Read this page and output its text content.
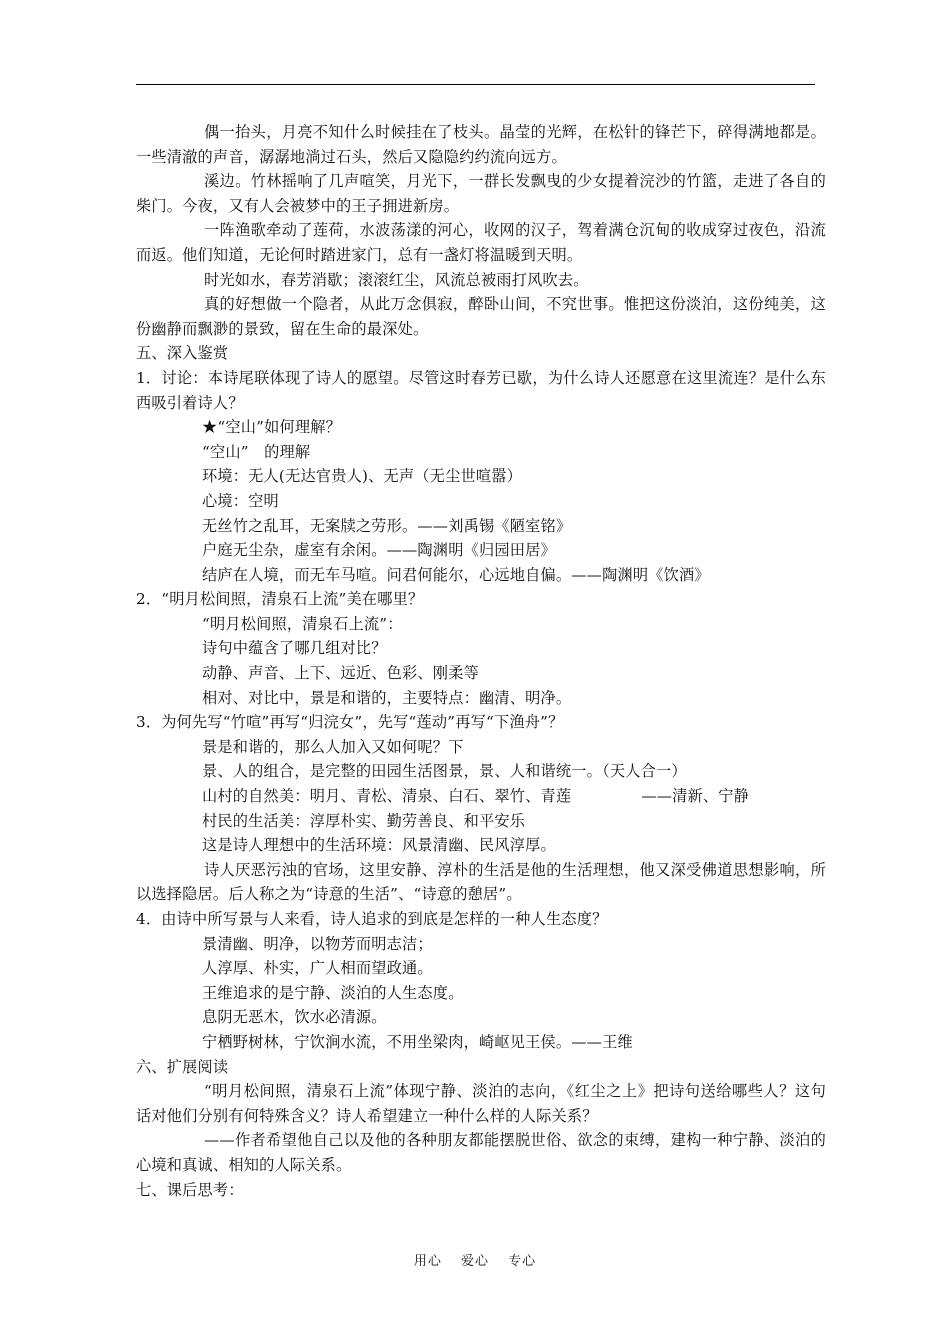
偶一抬头，月亮不知什么时候挂在了枝头。晶莹的光辉，在松针的锋芒下，碎得满地都是。一些清澈的声音，潺潺地淌过石头，然后又隐隐约约流向远方。

溪边。竹林摇响了几声喧笑，月光下，一群长发飘曳的少女提着浣沙的竹篮，走进了各自的柴门。今夜，又有人会被梦中的王子拥进新房。

一阵渔歌牵动了莲荷，水波荡漾的河心，收网的汉子，驾着满仓沉甸的收成穿过夜色，沿流而返。他们知道，无论何时踏进家门，总有一盏灯将温暖到天明。

时光如水，春芳消歇；滚滚红尘，风流总被雨打风吹去。

真的好想做一个隐者，从此万念俱寂，醉卧山间，不究世事。惟把这份淡泊，这份纯美，这份幽静而飘渺的景致，留在生命的最深处。

五、深入鉴赏

1．讨论：本诗尾联体现了诗人的愿望。尽管这时春芳已歇，为什么诗人还愿意在这里流连？是什么东西吸引着诗人？

★“空山”如何理解？

“空山”　的理解

环境：无人(无达官贵人)、无声（无尘世喧嚣）

心境：空明

无丝竹之乱耳，无案牍之劳形。——刘禹锡《陋室铭》

户庭无尘杂，虚室有余闲。——陶渊明《归园田居》

结庐在人境，而无车马喧。问君何能尔，心远地自偏。——陶渊明《饮酒》

2．“明月松间照，清泉石上流”美在哪里？

“明月松间照，清泉石上流”：

诗句中蕴含了哪几组对比？

动静、声音、上下、远近、色彩、刚柔等

相对、对比中，景是和谐的，主要特点：幽清、明净。

3．为何先写“竹喧”再写“归浣女”，先写“莲动”再写“下渔舟”？

景是和谐的，那么人加入又如何呢？下

景、人的组合，是完整的田园生活图景，景、人和谐统一。（天人合一）

山村的自然美：明月、青松、清泉、白石、翠竹、青莲	——清新、宁静

村民的生活美：淳厚朴实、勤劳善良、和平安乐

这是诗人理想中的生活环境：风景清幽、民风淳厚。

诗人厌恶污浊的官场，这里安静、淳朴的生活是他的生活理想，他又深受佛道思想影响，所以选择隐居。后人称之为“诗意的生活”、“诗意的憩居”。

4．由诗中所写景与人来看，诗人追求的到底是怎样的一种人生态度？

景清幽、明净，以物芳而明志洁；

人淳厚、朴实，广人相而望政通。

王维追求的是宁静、淡泊的人生态度。

息阴无恶木，饮水必清源。

宁栖野树林，宁饮涧水流，不用坐梁肉，崎岖见王侯。——王维

六、扩展阅读

“明月松间照，清泉石上流”体现宁静、淡泊的志向，《红尘之上》把诗句送给哪些人？这句话对他们分别有何特殊含义？诗人希望建立一种什么样的人际关系？

——作者希望他自己以及他的各种朋友都能摆脱世俗、欲念的束缚，建构一种宁静、淡泊的心境和真诚、相知的人际关系。

七、课后思考：

用心 爱心 专心
